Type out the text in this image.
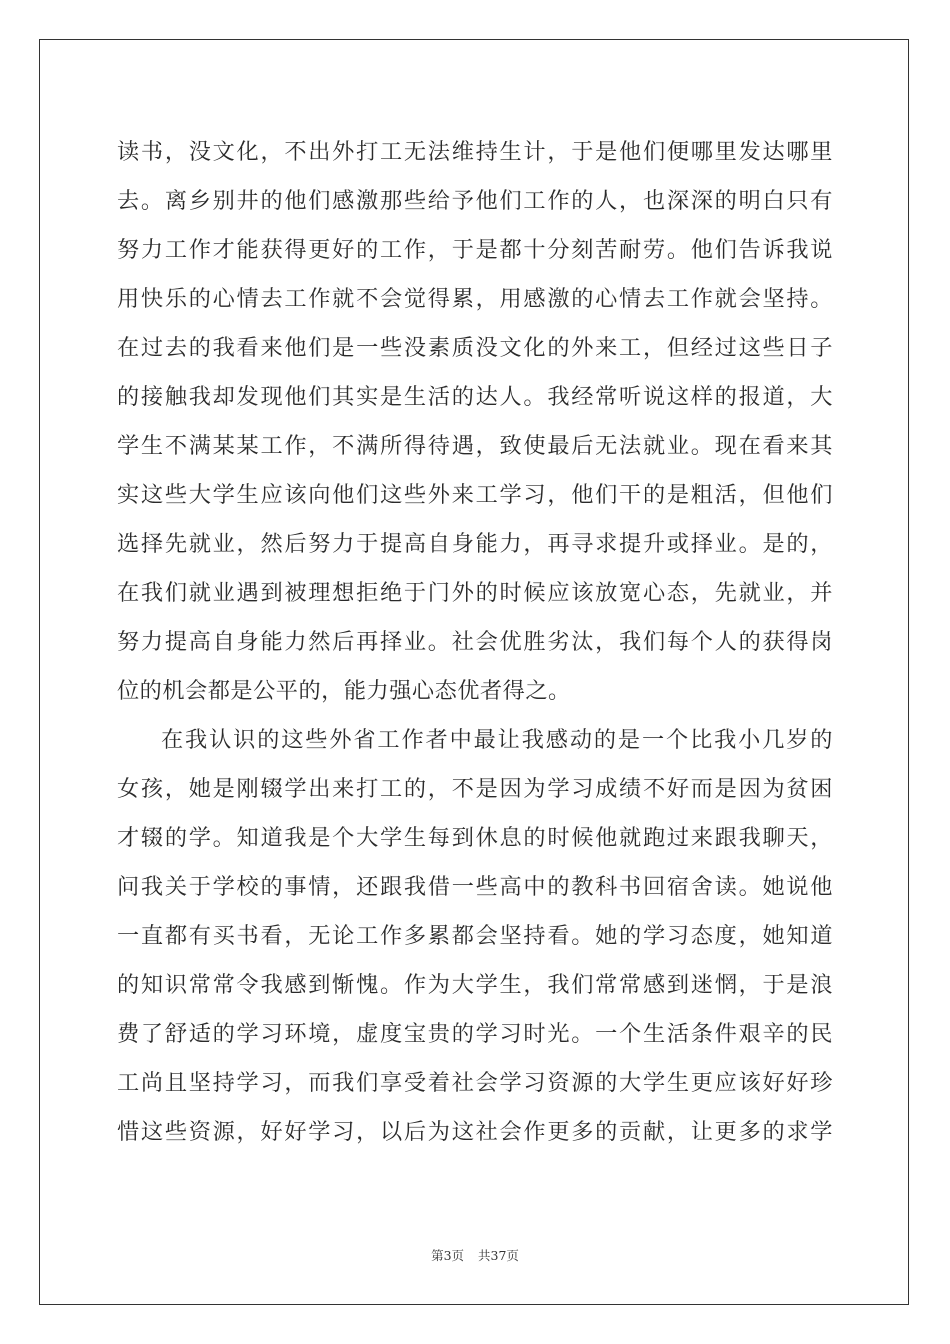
读书，没文化，不出外打工无法维持生计，于是他们便哪里发达哪里
去。离乡别井的他们感激那些给予他们工作的人，也深深的明白只有
努力工作才能获得更好的工作，于是都十分刻苦耐劳。他们告诉我说
用快乐的心情去工作就不会觉得累，用感激的心情去工作就会坚持。
在过去的我看来他们是一些没素质没文化的外来工，但经过这些日子
的接触我却发现他们其实是生活的达人。我经常听说这样的报道，大
学生不满某某工作，不满所得待遇，致使最后无法就业。现在看来其
实这些大学生应该向他们这些外来工学习，他们干的是粗活，但他们
选择先就业，然后努力于提高自身能力，再寻求提升或择业。是的，
在我们就业遇到被理想拒绝于门外的时候应该放宽心态，先就业，并
努力提高自身能力然后再择业。社会优胜劣汰，我们每个人的获得岗
位的机会都是公平的，能力强心态优者得之。
在我认识的这些外省工作者中最让我感动的是一个比我小几岁的
女孩，她是刚辍学出来打工的，不是因为学习成绩不好而是因为贫困
才辍的学。知道我是个大学生每到休息的时候他就跑过来跟我聊天，
问我关于学校的事情，还跟我借一些高中的教科书回宿舍读。她说他
一直都有买书看，无论工作多累都会坚持看。她的学习态度，她知道
的知识常常令我感到惭愧。作为大学生，我们常常感到迷惘，于是浪
费了舒适的学习环境，虚度宝贵的学习时光。一个生活条件艰辛的民
工尚且坚持学习，而我们享受着社会学习资源的大学生更应该好好珍
惜这些资源，好好学习，以后为这社会作更多的贡献，让更多的求学
第3页 共37页
